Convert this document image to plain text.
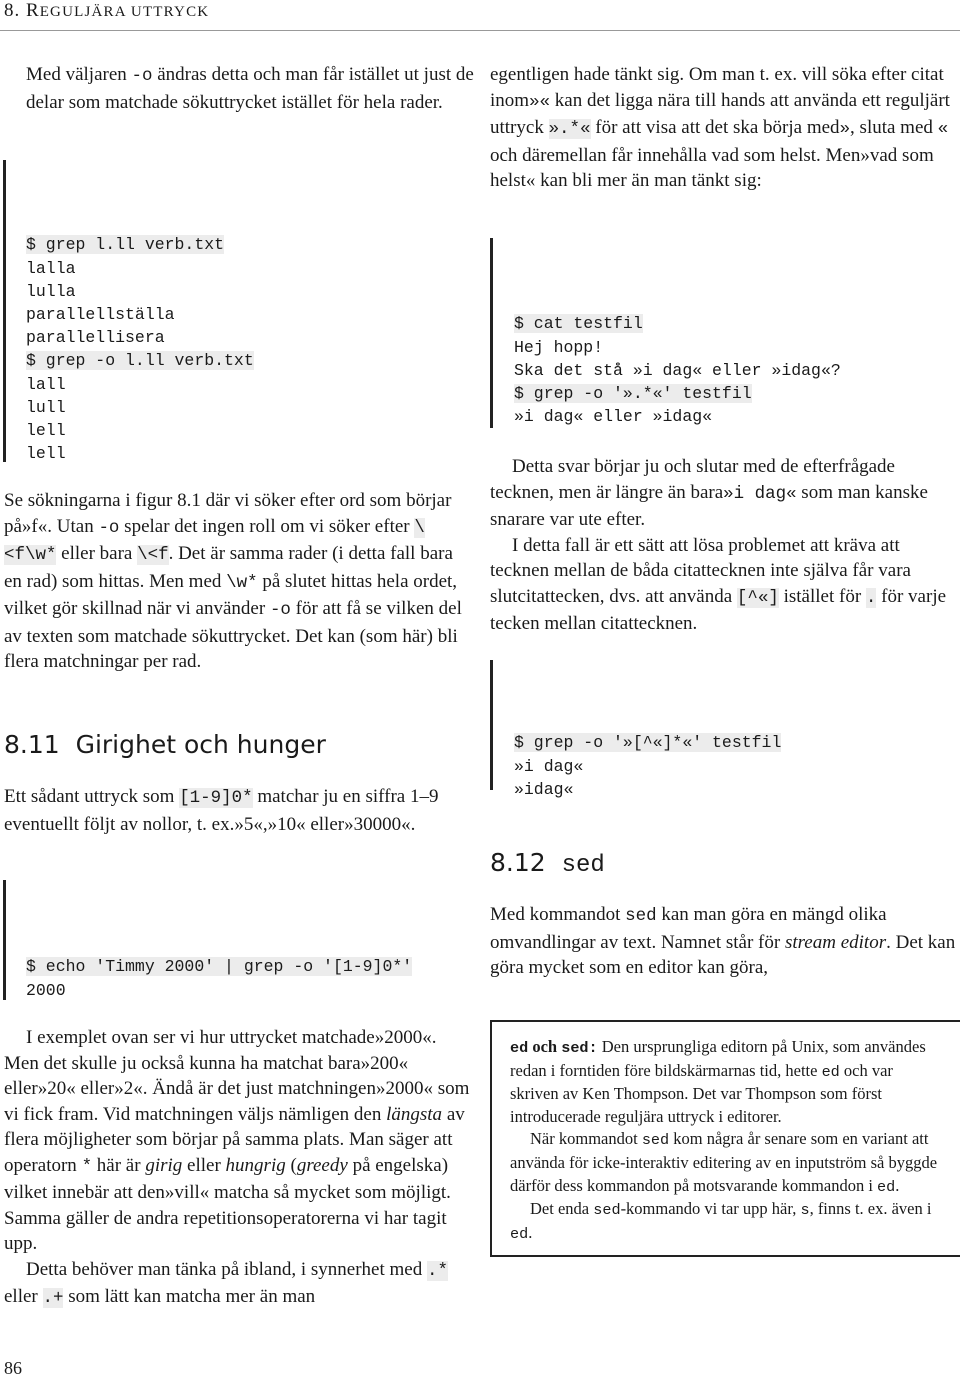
8. REGULJÄRA UTTRYCK

Med väljaren -o ändras detta och man får istället ut just de delar som matchade sökuttrycket istället för hela rader.

$ grep l.ll verb.txt
lalla
lulla
parallellställa
parallellisera
$ grep -o l.ll verb.txt
lall
lull
lell
lell

Se sökningarna i figur 8.1 där vi söker efter ord som börjar på»f«. Utan -o spelar det ingen roll om vi söker efter \<f\w* eller bara \<f. Det är samma rader (i detta fall bara en rad) som hittas. Men med \w* på slutet hittas hela ordet, vilket gör skillnad när vi använder -o för att få se vilken del av texten som matchade sökuttrycket. Det kan (som här) bli flera matchningar per rad.

8.11 Girighet och hunger

Ett sådant uttryck som [1-9]0* matchar ju en siffra 1–9 eventuellt följt av nollor, t. ex.»5«,»10« eller»30000«.

$ echo 'Timmy 2000' | grep -o '[1-9]0*'
2000

I exemplet ovan ser vi hur uttrycket matchade»2000«. Men det skulle ju också kunna ha matchat bara»200« eller»20« eller»2«. Ändå är det just matchningen»2000« som vi fick fram. Vid matchningen väljs nämligen den längsta av flera möjligheter som börjar på samma plats. Man säger att operatorn * här är girig eller hungrig (greedy på engelska) vilket innebär att den»vill« matcha så mycket som möjligt. Samma gäller de andra repetitionsoperatorerna vi har tagit upp.

Detta behöver man tänka på ibland, i synnerhet med .* eller .+ som lätt kan matcha mer än man

86

egentligen hade tänkt sig. Om man t. ex. vill söka efter citat inom»« kan det ligga nära till hands att använda ett reguljärt uttryck ».*« för att visa att det ska börja med», sluta med « och däremellan får innehålla vad som helst. Men»vad som helst« kan bli mer än man tänkt sig:

$ cat testfil
Hej hopp!
Ska det stå »i dag« eller »idag«?
$ grep -o '».*«' testfil
»i dag« eller »idag«

Detta svar börjar ju och slutar med de efterfrågade tecknen, men är längre än bara»i dag« som man kanske snarare var ute efter.

I detta fall är ett sätt att lösa problemet att kräva att tecknen mellan de båda citattecknen inte själva får vara slutcitattecken, dvs. att använda [^«] istället för . för varje tecken mellan citattecknen.

$ grep -o '»[^«]*«' testfil
»i dag«
»idag«

8.12 sed

Med kommandot sed kan man göra en mängd olika omvandlingar av text. Namnet står för stream editor. Det kan göra mycket som en editor kan göra,

ed och sed: Den ursprungliga editorn på Unix, som användes redan i forntiden före bildskärmarnas tid, hette ed och var skriven av Ken Thompson. Det var Thompson som först introducerade reguljära uttryck i editorer.

När kommandot sed kom några år senare som en variant att använda för icke-interaktiv editering av en inputström så byggde därför dess kommandon på motsvarande kommandon i ed.

Det enda sed-kommando vi tar upp här, s, finns t. ex. även i ed.
